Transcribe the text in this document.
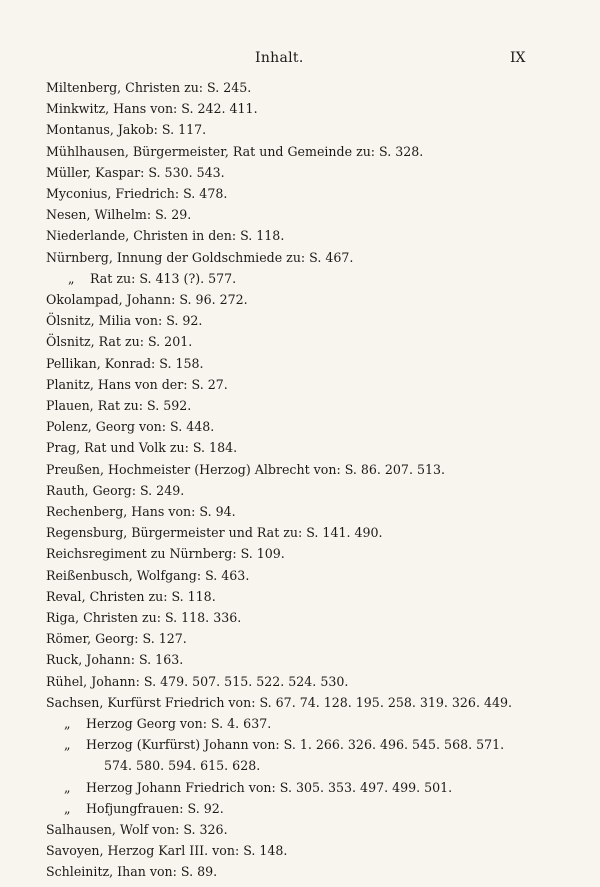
Inhalt.	IX
Miltenberg, Christen zu: S. 245.
Minkwitz, Hans von: S. 242. 411.
Montanus, Jakob: S. 117.
Mühlhausen, Bürgermeister, Rat und Gemeinde zu: S. 328.
Müller, Kaspar: S. 530. 543.
Myconius, Friedrich: S. 478.
Nesen, Wilhelm: S. 29.
Niederlande, Christen in den: S. 118.
Nürnberg, Innung der Goldschmiede zu: S. 467.
„ Rat zu: S. 413 (?). 577.
Okolampad, Johann: S. 96. 272.
Ölsnitz, Milia von: S. 92.
Ölsnitz, Rat zu: S. 201.
Pellikan, Konrad: S. 158.
Planitz, Hans von der: S. 27.
Plauen, Rat zu: S. 592.
Polenz, Georg von: S. 448.
Prag, Rat und Volk zu: S. 184.
Preußen, Hochmeister (Herzog) Albrecht von: S. 86. 207. 513.
Rauth, Georg: S. 249.
Rechenberg, Hans von: S. 94.
Regensburg, Bürgermeister und Rat zu: S. 141. 490.
Reichsregiment zu Nürnberg: S. 109.
Reißenbusch, Wolfgang: S. 463.
Reval, Christen zu: S. 118.
Riga, Christen zu: S. 118. 336.
Römer, Georg: S. 127.
Ruck, Johann: S. 163.
Rühel, Johann: S. 479. 507. 515. 522. 524. 530.
Sachsen, Kurfürst Friedrich von: S. 67. 74. 128. 195. 258. 319. 326. 449.
„ Herzog Georg von: S. 4. 637.
„ Herzog (Kurfürst) Johann von: S. 1. 266. 326. 496. 545. 568. 571.
574. 580. 594. 615. 628.
„ Herzog Johann Friedrich von: S. 305. 353. 497. 499. 501.
„ Hofjungfrauen: S. 92.
Salhausen, Wolf von: S. 326.
Savoyen, Herzog Karl III. von: S. 148.
Schleinitz, Ihan von: S. 89.
